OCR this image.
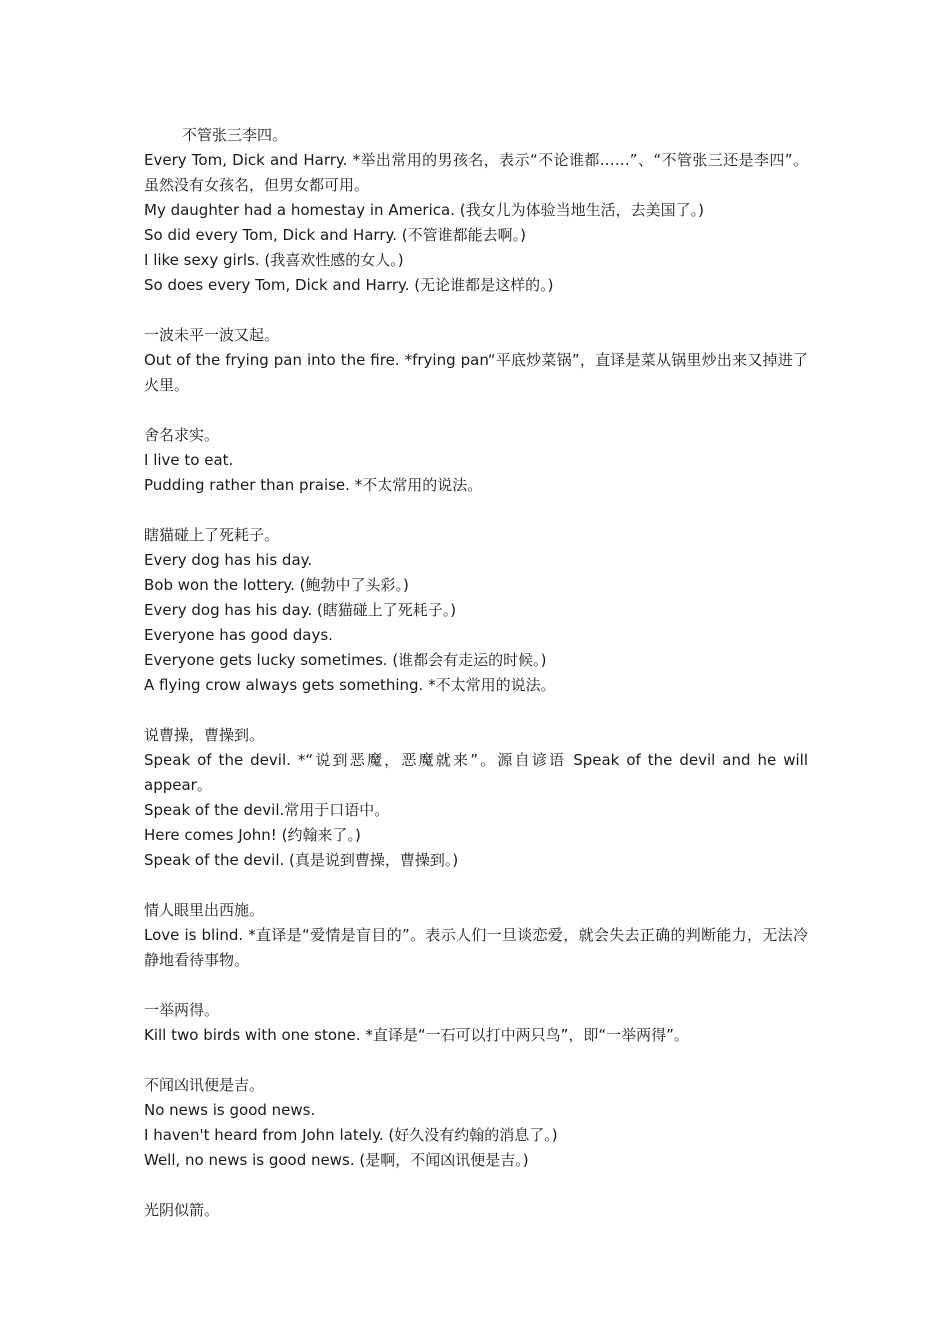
不管张三李四。
Every Tom, Dick and Harry. *举出常用的男孩名，表示“不论谁都……”、“不管张三还是李四”。虽然没有女孩名，但男女都可用。
My daughter had a homestay in America. (我女儿为体验当地生活，去美国了。)
So did every Tom, Dick and Harry. (不管谁都能去啊。)
I like sexy girls. (我喜欢性感的女人。)
So does every Tom, Dick and Harry. (无论谁都是这样的。)
一波未平一波又起。
Out of the frying pan into the fire. *frying pan“平底炒菜锅”，直译是菜从锅里炒出来又掉进了火里。
舍名求实。
I live to eat.
Pudding rather than praise. *不太常用的说法。
瞎猫碰上了死耗子。
Every dog has his day.
Bob won the lottery. (鲍勃中了头彩。)
Every dog has his day. (瞎猫碰上了死耗子。)
Everyone has good days.
Everyone gets lucky sometimes. (谁都会有走运的时候。)
A flying crow always gets something. *不太常用的说法。
说曹操，曹操到。
Speak of the devil. *“说到恶魔，恶魔就来”。源自谚语 Speak of the devil and he will appear。
Speak of the devil.常用于口语中。
Here comes John! (约翰来了。)
Speak of the devil. (真是说到曹操，曹操到。)
情人眼里出西施。
Love is blind. *直译是“爱情是盲目的”。表示人们一旦谈恋爱，就会失去正确的判断能力，无法冷静地看待事物。
一举两得。
Kill two birds with one stone. *直译是“一石可以打中两只鸟”，即“一举两得”。
不闻凶讯便是吉。
No news is good news.
I haven't heard from John lately. (好久没有约翰的消息了。)
Well, no news is good news. (是啊，不闻凶讯便是吉。)
光阴似箭。
